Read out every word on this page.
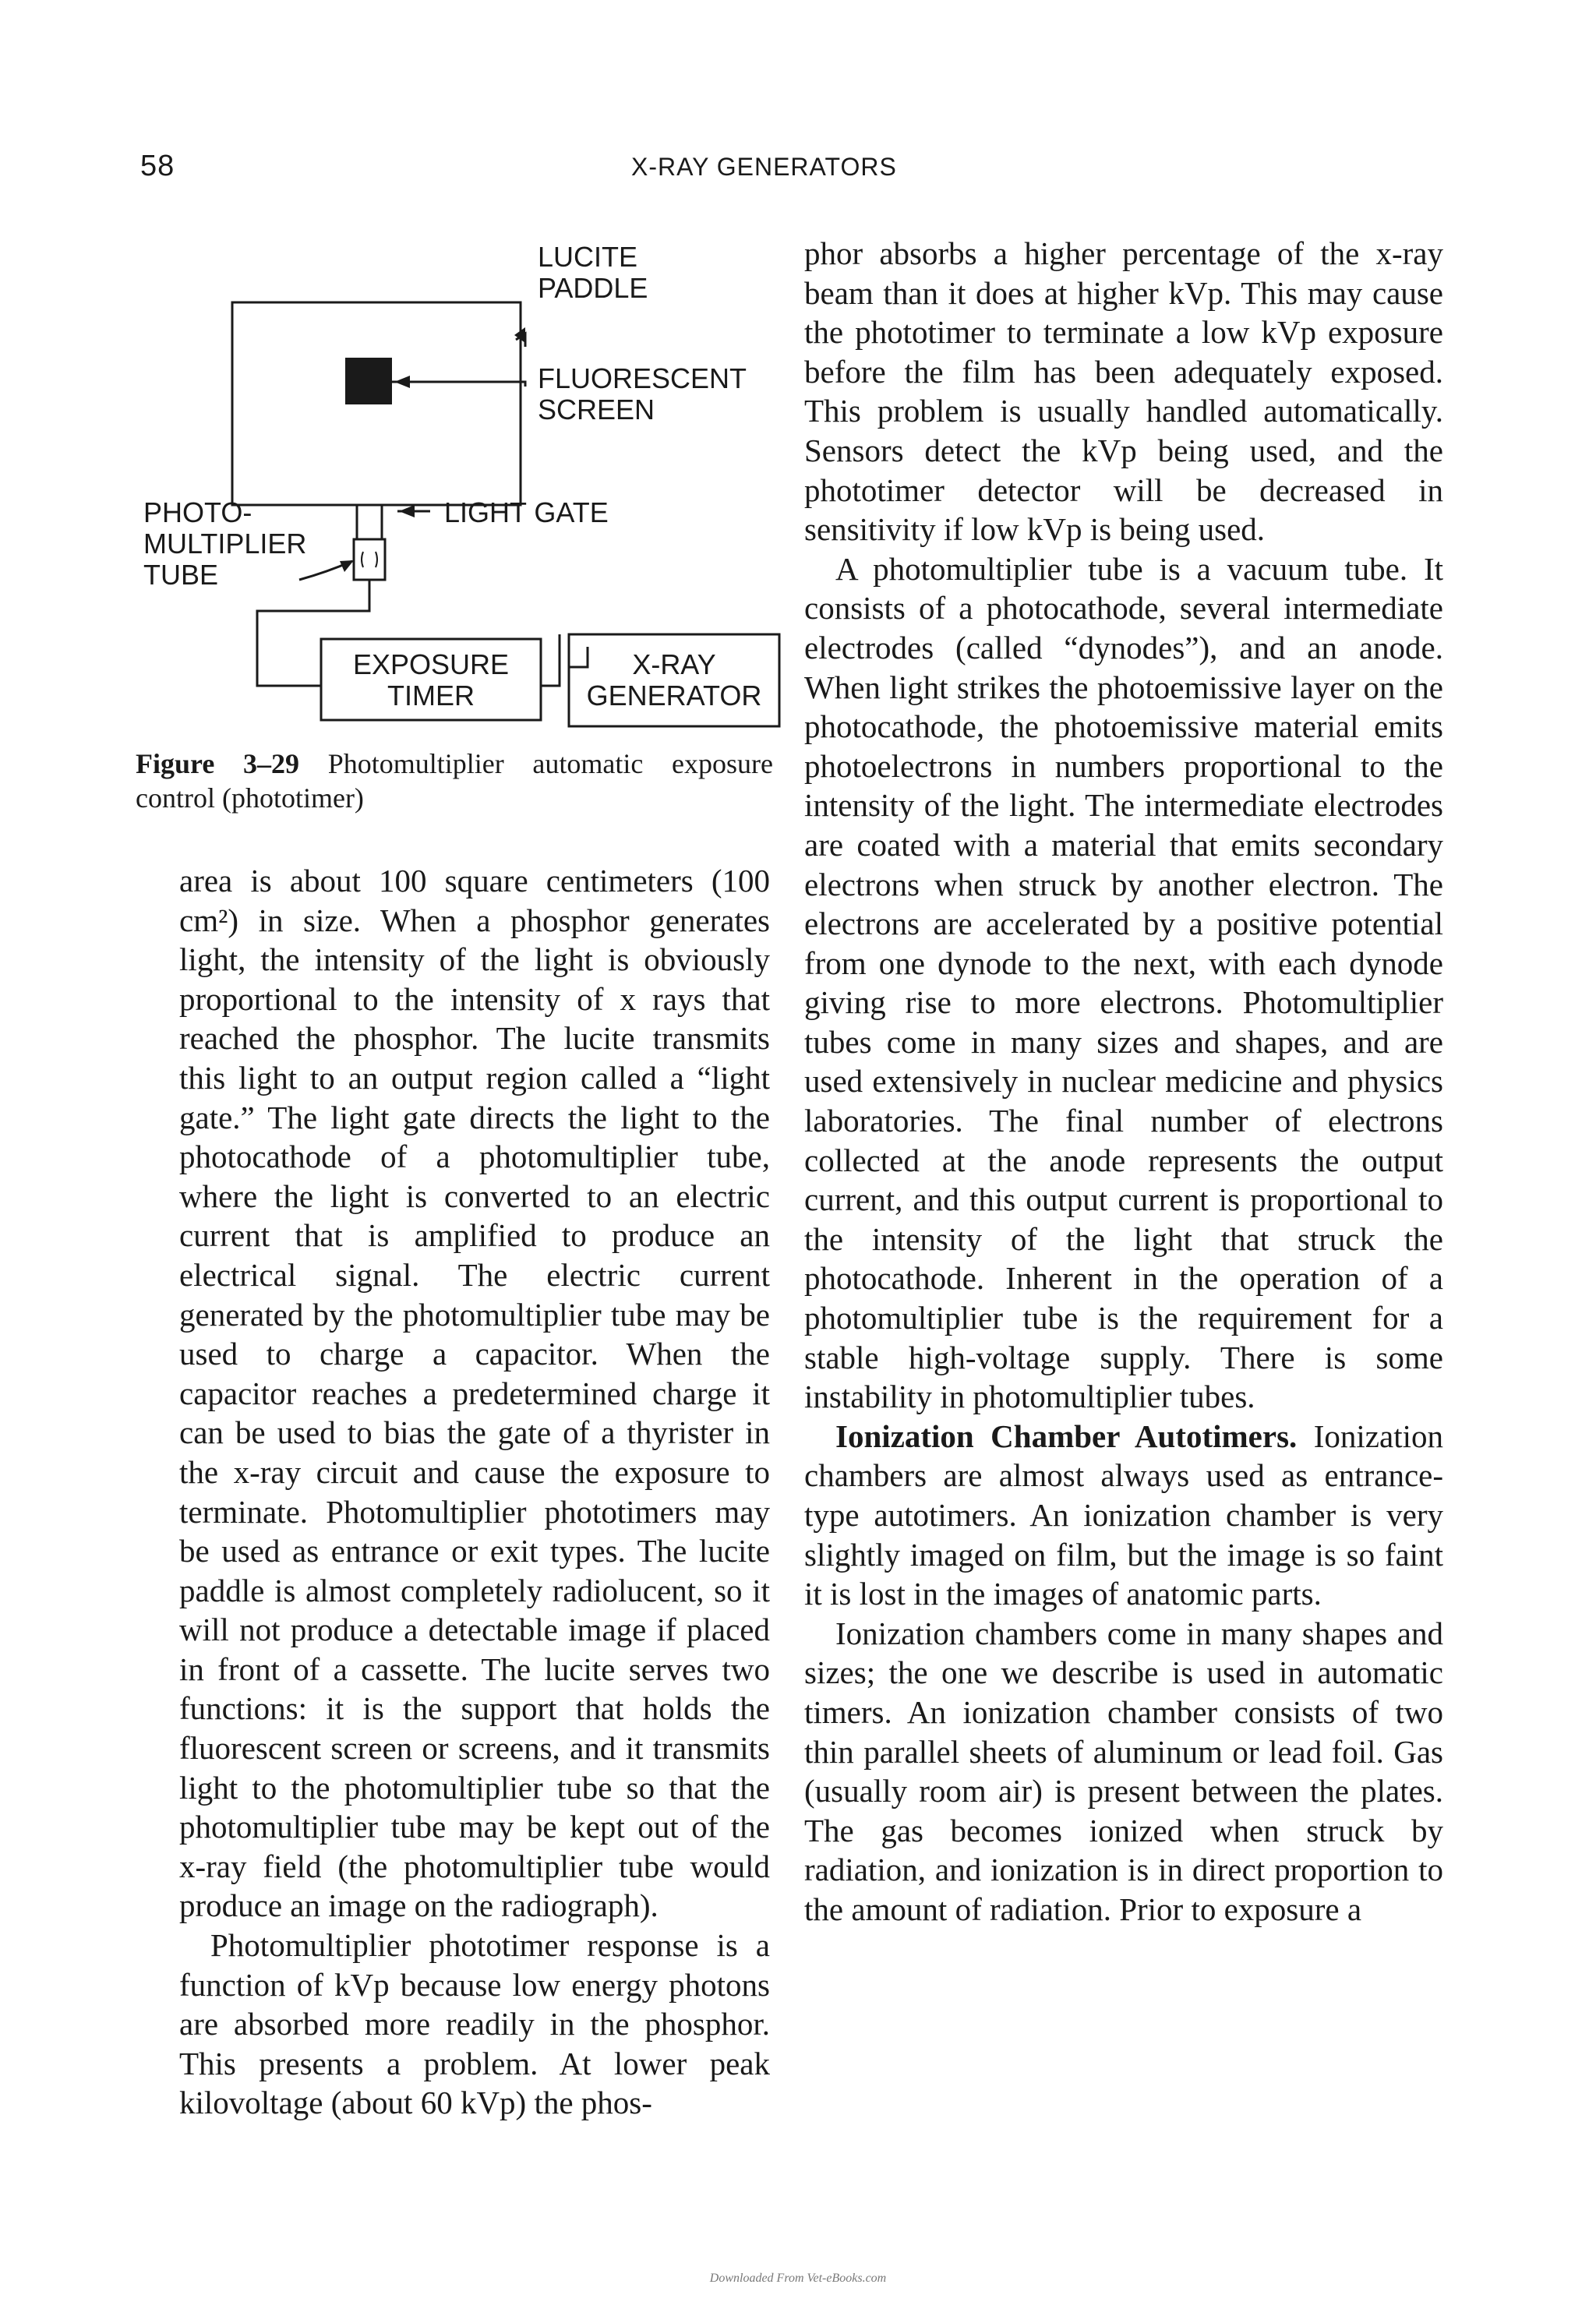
58	X-RAY GENERATORS
LUCITE
PADDLE
FLUORESCENT
SCREEN
LIGHT GATE
PHOTO-
MULTIPLIER
TUBE
EXPOSURE
TIMER
X-RAY
GENERATOR
Figure 3–29 Photomultiplier automatic exposure control (phototimer)

area is about 100 square centimeters (100 cm²) in size. When a phosphor generates light, the intensity of the light is obviously proportional to the intensity of x rays that reached the phosphor. The lucite transmits this light to an output region called a “light gate.” The light gate directs the light to the photocathode of a photomultiplier tube, where the light is converted to an electric current that is amplified to produce an electrical signal. The electric current generated by the photomultiplier tube may be used to charge a capacitor. When the capacitor reaches a predetermined charge it can be used to bias the gate of a thyrister in the x-ray circuit and cause the exposure to terminate. Photomultiplier phototimers may be used as entrance or exit types. The lucite paddle is almost completely radiolucent, so it will not produce a detectable image if placed in front of a cassette. The lucite serves two functions: it is the support that holds the fluorescent screen or screens, and it transmits light to the photomultiplier tube so that the photomultiplier tube may be kept out of the x-ray field (the photomultiplier tube would produce an image on the radiograph).

Photomultiplier phototimer response is a function of kVp because low energy photons are absorbed more readily in the phosphor. This presents a problem. At lower peak kilovoltage (about 60 kVp) the phos-

phor absorbs a higher percentage of the x-ray beam than it does at higher kVp. This may cause the phototimer to terminate a low kVp exposure before the film has been adequately exposed. This problem is usually handled automatically. Sensors detect the kVp being used, and the phototimer detector will be decreased in sensitivity if low kVp is being used.

A photomultiplier tube is a vacuum tube. It consists of a photocathode, several intermediate electrodes (called “dynodes”), and an anode. When light strikes the photoemissive layer on the photocathode, the photoemissive material emits photoelectrons in numbers proportional to the intensity of the light. The intermediate electrodes are coated with a material that emits secondary electrons when struck by another electron. The electrons are accelerated by a positive potential from one dynode to the next, with each dynode giving rise to more electrons. Photomultiplier tubes come in many sizes and shapes, and are used extensively in nuclear medicine and physics laboratories. The final number of electrons collected at the anode represents the output current, and this output current is proportional to the intensity of the light that struck the photocathode. Inherent in the operation of a photomultiplier tube is the requirement for a stable high-voltage supply. There is some instability in photomultiplier tubes.

Ionization Chamber Autotimers. Ionization chambers are almost always used as entrance-type autotimers. An ionization chamber is very slightly imaged on film, but the image is so faint it is lost in the images of anatomic parts.

Ionization chambers come in many shapes and sizes; the one we describe is used in automatic timers. An ionization chamber consists of two thin parallel sheets of aluminum or lead foil. Gas (usually room air) is present between the plates. The gas becomes ionized when struck by radiation, and ionization is in direct proportion to the amount of radiation. Prior to exposure a

Downloaded From Vet-eBooks.com
